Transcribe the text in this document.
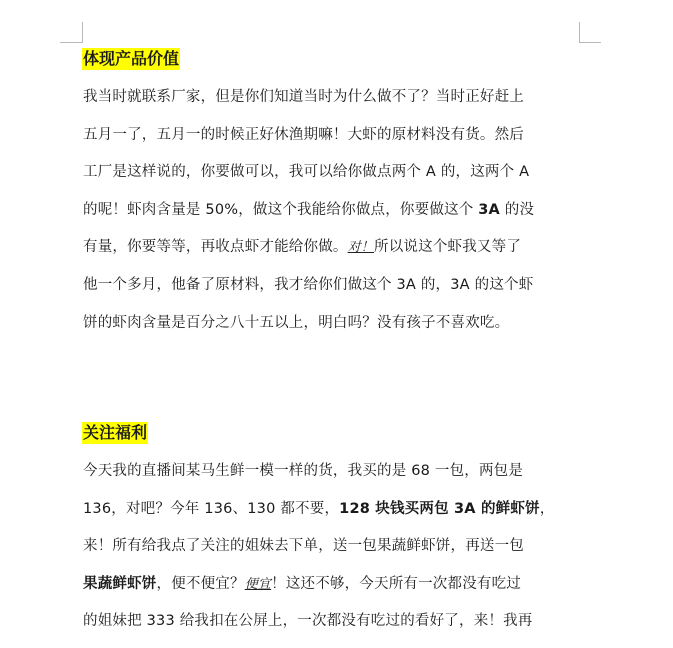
体现产品价值
我当时就联系厂家，但是你们知道当时为什么做不了？当时正好赶上
五月一了，五月一的时候正好休渔期嘛！大虾的原材料没有货。然后
工厂是这样说的，你要做可以，我可以给你做点两个 A 的，这两个 A
的呢！虾肉含量是 50%，做这个我能给你做点，你要做这个 3A 的没
有量，你要等等，再收点虾才能给你做。对！所以说这个虾我又等了
他一个多月，他备了原材料，我才给你们做这个 3A 的，3A 的这个虾
饼的虾肉含量是百分之八十五以上，明白吗？没有孩子不喜欢吃。
关注福利
今天我的直播间某马生鲜一模一样的货，我买的是 68 一包，两包是
136，对吧？今年 136、130 都不要，128 块钱买两包 3A 的鲜虾饼，
来！所有给我点了关注的姐妹去下单，送一包果蔬鲜虾饼，再送一包
果蔬鲜虾饼，便不便宜？便宜！这还不够，今天所有一次都没有吃过
的姐妹把 333 给我扣在公屏上，一次都没有吃过的看好了，来！我再
